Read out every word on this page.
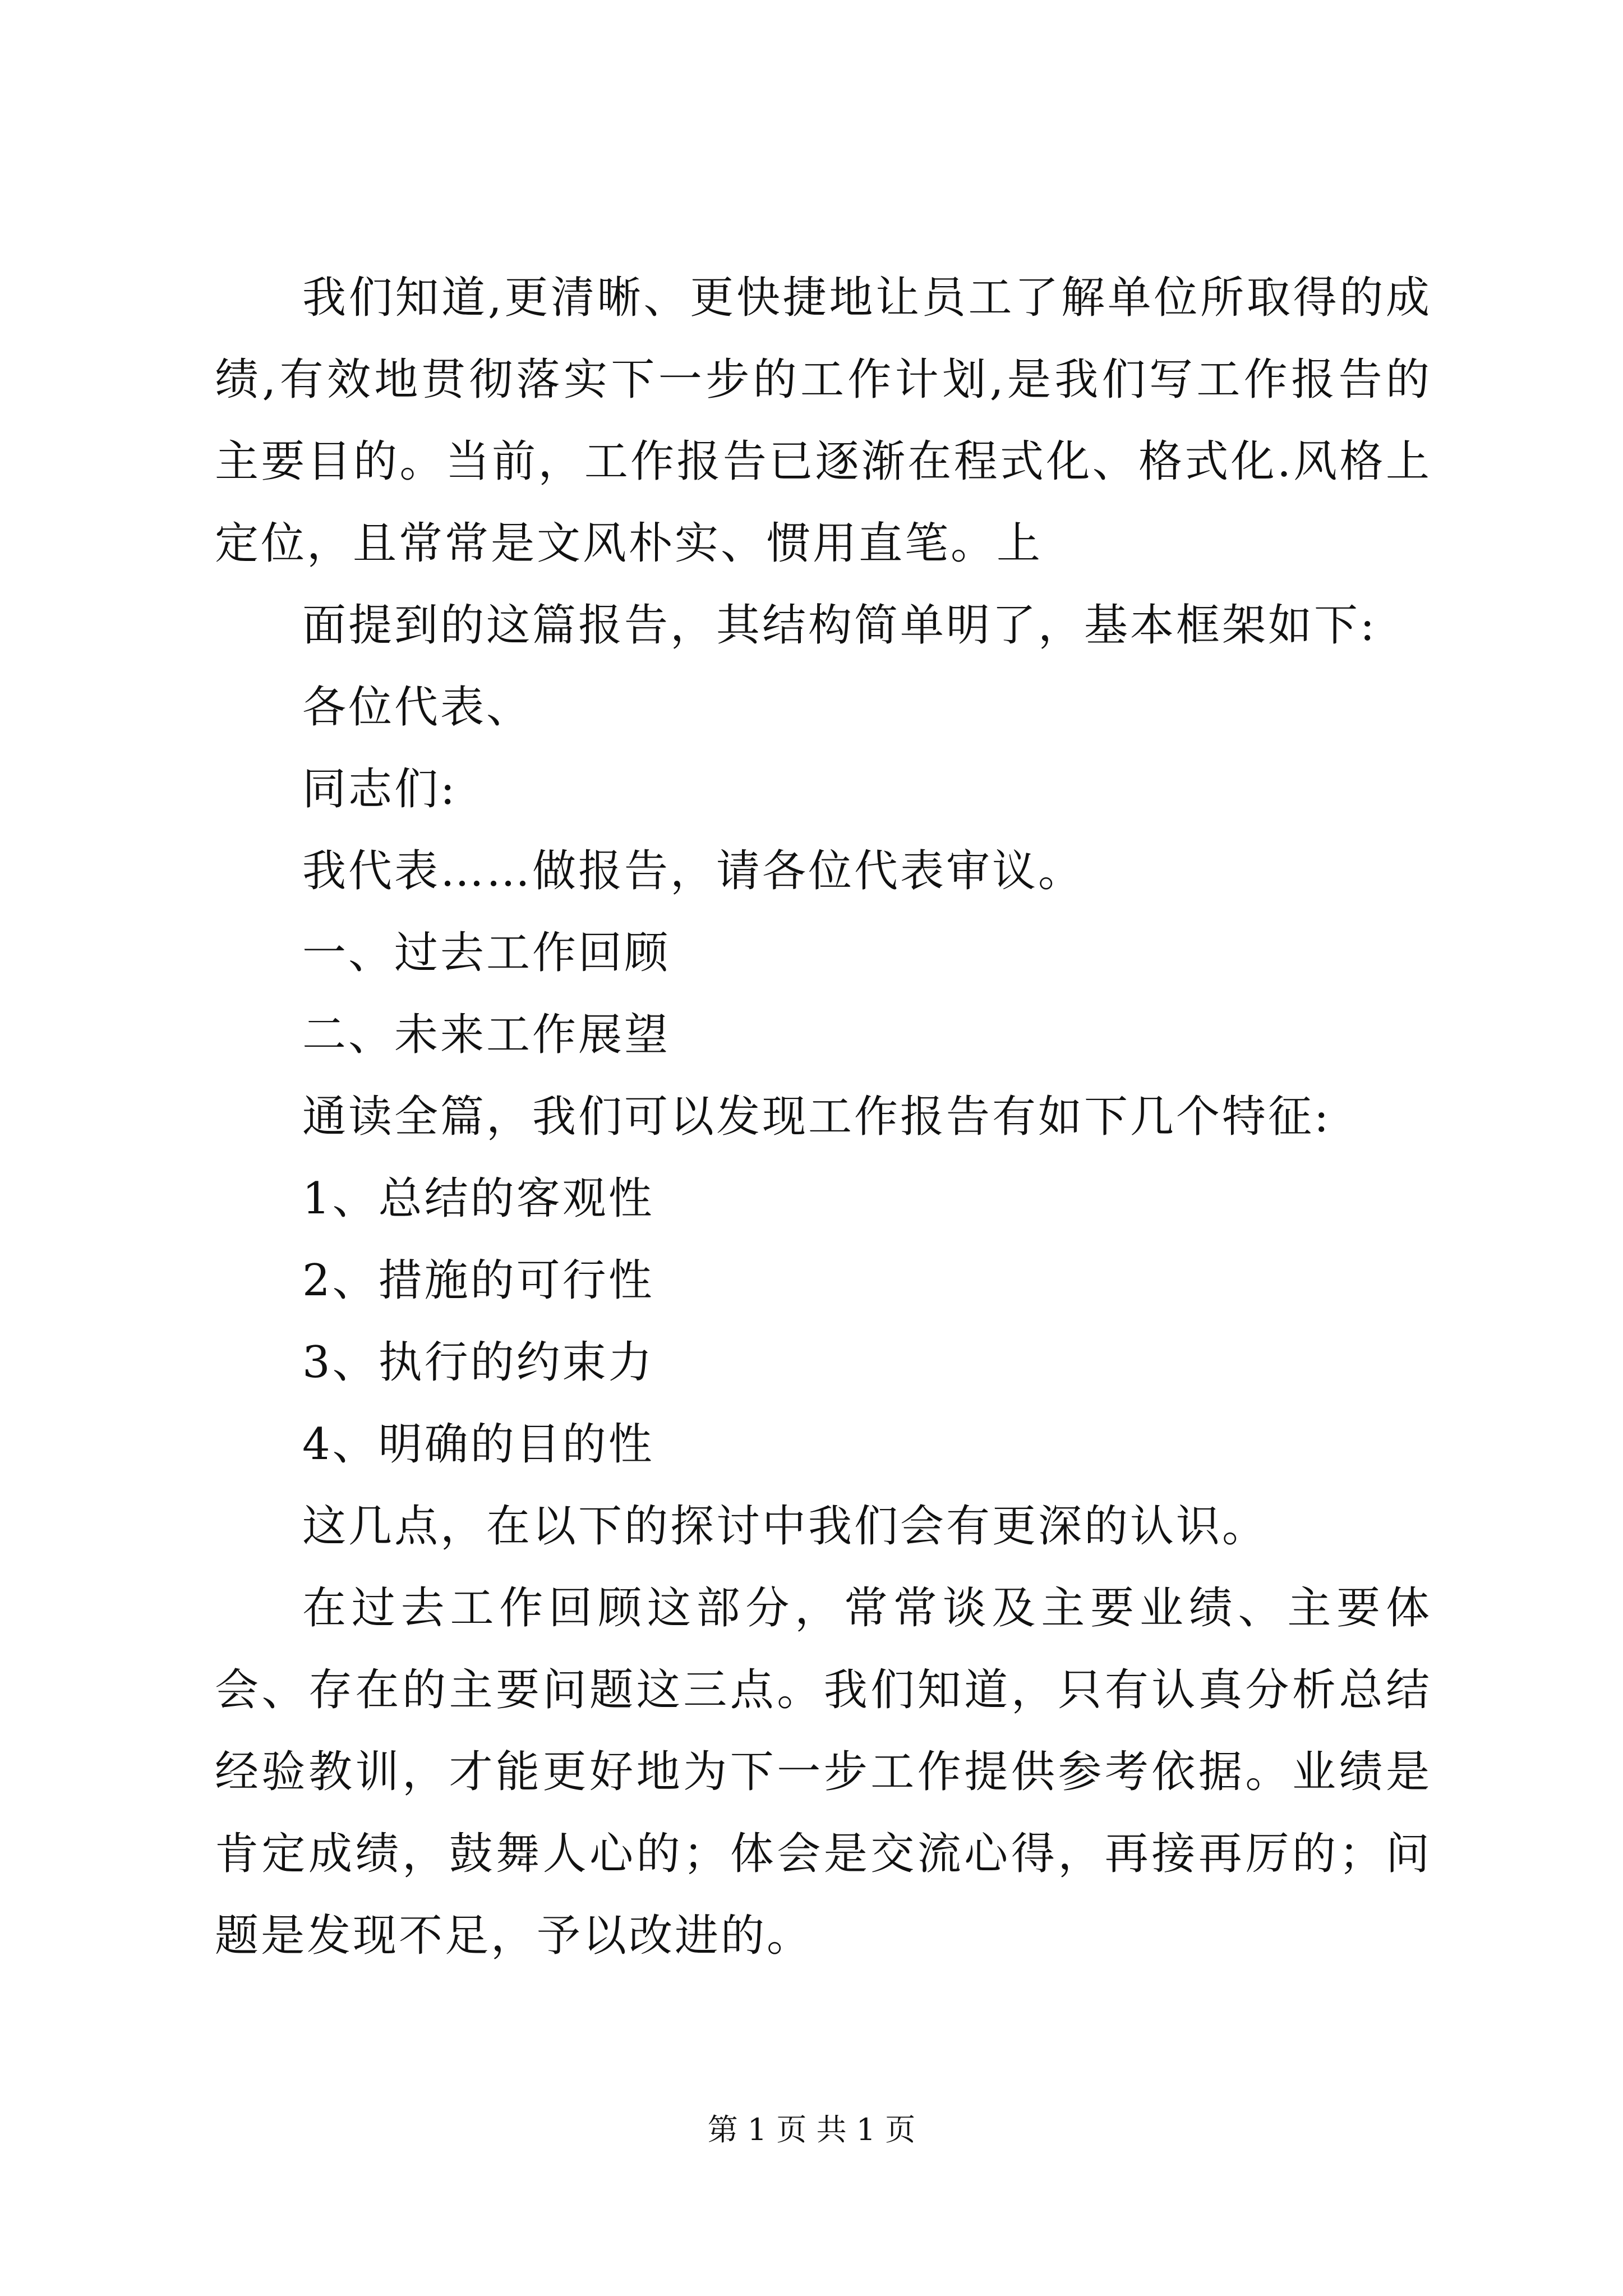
我们知道,更清晰、更快捷地让员工了解单位所取得的成绩,有效地贯彻落实下一步的工作计划,是我们写工作报告的主要目的。当前，工作报告已逐渐在程式化、格式化.风格上定位，且常常是文风朴实、惯用直笔。上

面提到的这篇报告，其结构简单明了，基本框架如下:

各位代表、

同志们:

我代表……做报告，请各位代表审议。

一、过去工作回顾

二、未来工作展望

通读全篇，我们可以发现工作报告有如下几个特征:

1、总结的客观性

2、措施的可行性

3、执行的约束力

4、明确的目的性

这几点，在以下的探讨中我们会有更深的认识。

在过去工作回顾这部分，常常谈及主要业绩、主要体会、存在的主要问题这三点。我们知道，只有认真分析总结经验教训，才能更好地为下一步工作提供参考依据。业绩是肯定成绩，鼓舞人心的；体会是交流心得，再接再厉的；问题是发现不足，予以改进的。

第 1 页 共 1 页
